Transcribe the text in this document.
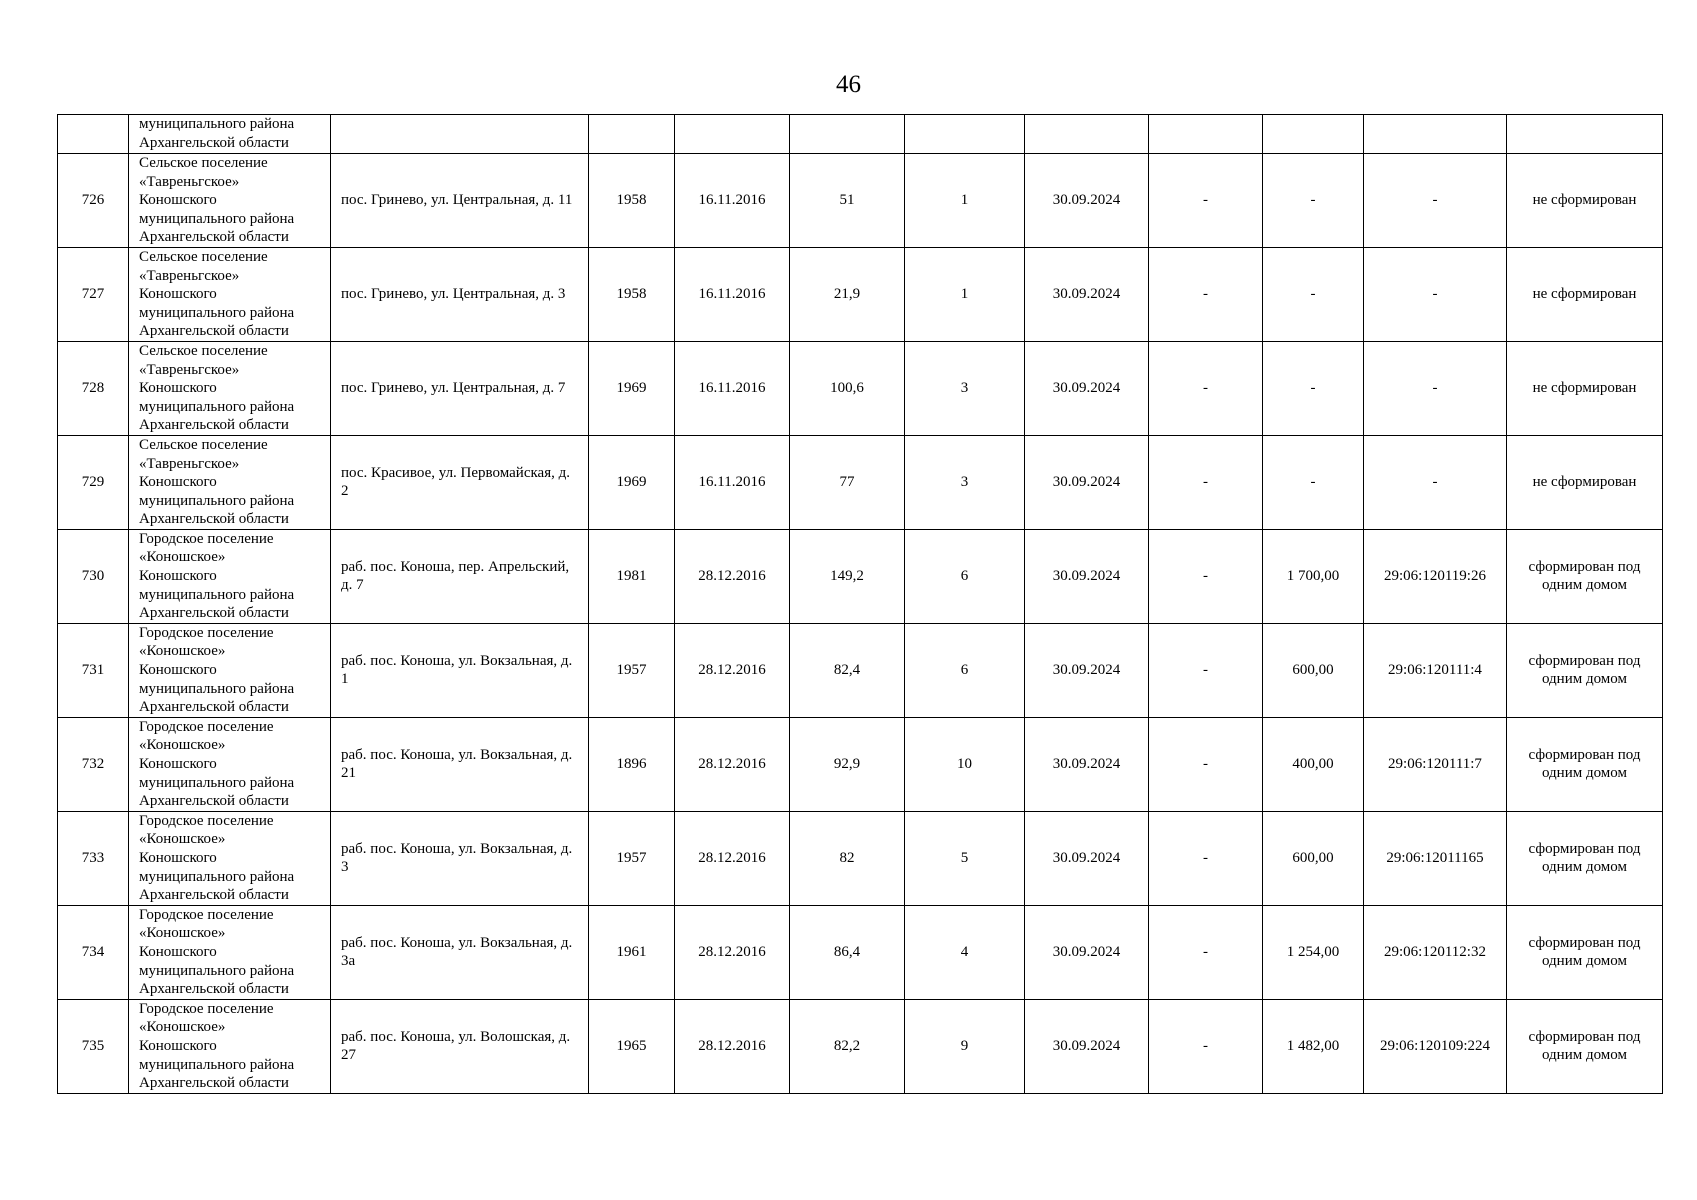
46

	муниципального района
Архангельской области										

726	Сельское поселение
«Тавреньгское»
Коношского
муниципального района
Архангельской области	пос. Гринево, ул. Центральная, д. 11	1958	16.11.2016	51	1	30.09.2024	-	-	-	не сформирован
727	Сельское поселение
«Тавреньгское»
Коношского
муниципального района
Архангельской области	пос. Гринево, ул. Центральная, д. 3	1958	16.11.2016	21,9	1	30.09.2024	-	-	-	не сформирован
728	Сельское поселение
«Тавреньгское»
Коношского
муниципального района
Архангельской области	пос. Гринево, ул. Центральная, д. 7	1969	16.11.2016	100,6	3	30.09.2024	-	-	-	не сформирован
729	Сельское поселение
«Тавреньгское»
Коношского
муниципального района
Архангельской области	пос. Красивое, ул. Первомайская, д. 2	1969	16.11.2016	77	3	30.09.2024	-	-	-	не сформирован
730	Городское поселение
«Коношское»
Коношского
муниципального района
Архангельской области	раб. пос. Коноша, пер. Апрельский, д. 7	1981	28.12.2016	149,2	6	30.09.2024	-	1 700,00	29:06:120119:26	сформирован под одним домом
731	Городское поселение
«Коношское»
Коношского
муниципального района
Архангельской области	раб. пос. Коноша, ул. Вокзальная, д. 1	1957	28.12.2016	82,4	6	30.09.2024	-	600,00	29:06:120111:4	сформирован под одним домом
732	Городское поселение
«Коношское»
Коношского
муниципального района
Архангельской области	раб. пос. Коноша, ул. Вокзальная, д. 21	1896	28.12.2016	92,9	10	30.09.2024	-	400,00	29:06:120111:7	сформирован под одним домом
733	Городское поселение
«Коношское»
Коношского
муниципального района
Архангельской области	раб. пос. Коноша, ул. Вокзальная, д. 3	1957	28.12.2016	82	5	30.09.2024	-	600,00	29:06:12011165	сформирован под одним домом
734	Городское поселение
«Коношское»
Коношского
муниципального района
Архангельской области	раб. пос. Коноша, ул. Вокзальная, д. 3а	1961	28.12.2016	86,4	4	30.09.2024	-	1 254,00	29:06:120112:32	сформирован под одним домом
735	Городское поселение
«Коношское»
Коношского
муниципального района
Архангельской области	раб. пос. Коноша, ул. Волошская, д. 27	1965	28.12.2016	82,2	9	30.09.2024	-	1 482,00	29:06:120109:224	сформирован под одним домом
